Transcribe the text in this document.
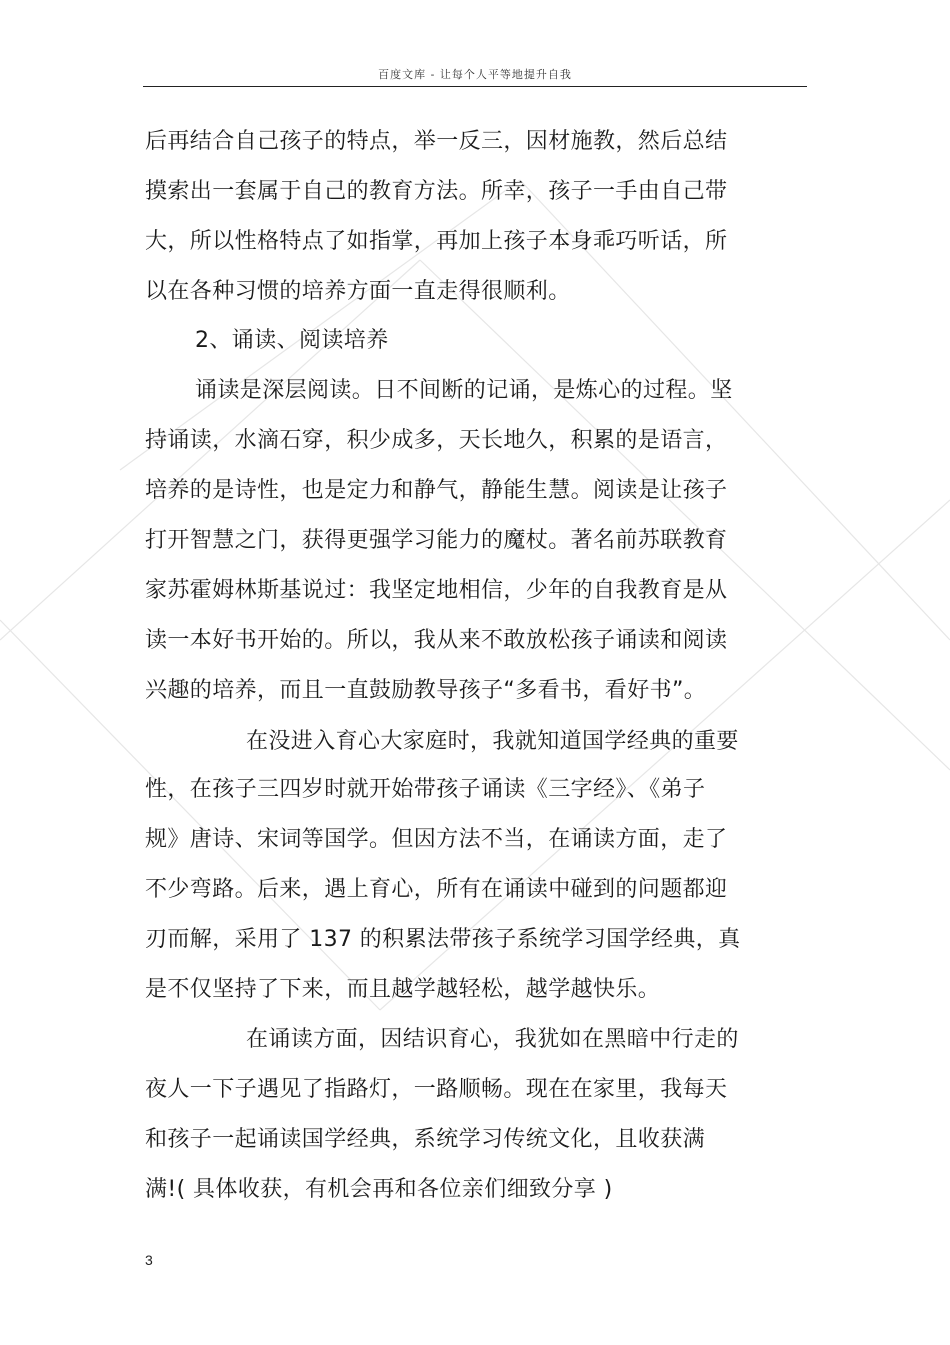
百度文库 - 让每个人平等地提升自我
后再结合自己孩子的特点，举一反三，因材施教，然后总结
摸索出一套属于自己的教育方法。所幸，孩子一手由自己带
大，所以性格特点了如指掌，再加上孩子本身乖巧听话，所
以在各种习惯的培养方面一直走得很顺利。
2、诵读、阅读培养
诵读是深层阅读。日不间断的记诵，是炼心的过程。坚
持诵读，水滴石穿，积少成多，天长地久，积累的是语言，
培养的是诗性，也是定力和静气，静能生慧。阅读是让孩子
打开智慧之门，获得更强学习能力的魔杖。著名前苏联教育
家苏霍姆林斯基说过：我坚定地相信，少年的自我教育是从
读一本好书开始的。所以，我从来不敢放松孩子诵读和阅读
兴趣的培养，而且一直鼓励教导孩子“多看书，看好书”。
在没进入育心大家庭时，我就知道国学经典的重要
性，在孩子三四岁时就开始带孩子诵读《三字经》、《弟子
规》唐诗、宋词等国学。但因方法不当，在诵读方面，走了
不少弯路。后来，遇上育心，所有在诵读中碰到的问题都迎
刃而解，采用了 137 的积累法带孩子系统学习国学经典，真
是不仅坚持了下来，而且越学越轻松，越学越快乐。
在诵读方面，因结识育心，我犹如在黑暗中行走的
夜人一下子遇见了指路灯，一路顺畅。现在在家里，我每天
和孩子一起诵读国学经典，系统学习传统文化，且收获满
满!( 具体收获，有机会再和各位亲们细致分享 )
3
